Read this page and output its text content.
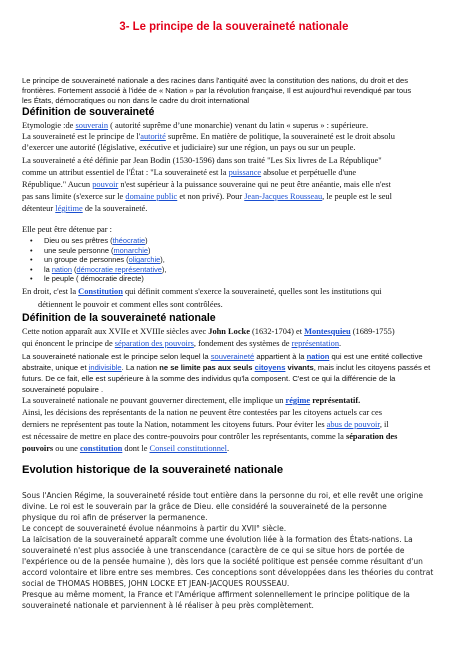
3- Le principe de la souveraineté nationale
Le principe de souveraineté nationale a des racines dans l'antiquité avec la constitution des nations, du droit et des
frontières. Fortement associé à l'idée de « Nation » par la révolution française, Il est aujourd'hui revendiqué par tous
les États, démocratiques ou non dans le cadre du droit international
Définition de souveraineté
Etymologie :de souverain ( autorité suprême d’une monarchie) venant du latin « superus » : supérieure.
La souveraineté est le principe de l'autorité suprême. En matière de politique, la souveraineté est le droit absolu
d’exercer une autorité (législative, exécutive et judiciaire) sur une région, un pays ou sur un peuple.
La souveraineté a été définie par Jean Bodin (1530-1596) dans son traité "Les Six livres de La République"
comme un attribut essentiel de l'État : "La souveraineté est la puissance absolue et perpétuelle d'une
République." Aucun pouvoir n'est supérieur à la puissance souveraine qui ne peut être anéantie, mais elle n'est
pas sans limite (s'exerce sur le domaine public et non privé). Pour Jean-Jacques Rousseau, le peuple est le seul
détenteur légitime de la souveraineté.
Elle peut être détenue par :
• Dieu ou ses prêtres (théocratie)
• une seule personne (monarchie)
• un groupe de personnes (oligarchie),
• la nation (démocratie représentative),
• le peuple ( démocratie directe)
En droit, c'est la Constitution qui définit comment s'exerce la souveraineté, quelles sont les institutions qui
détiennent le pouvoir et comment elles sont contrôlées.
Définition de la souveraineté nationale
Cette notion apparaît aux XVIIe et XVIIIe siècles avec John Locke (1632-1704) et Montesquieu (1689-1755)
qui énoncent le principe de séparation des pouvoirs, fondement des systèmes de représentation.
La souveraineté nationale est le principe selon lequel la souveraineté appartient à la nation qui est une entité collective
abstraite, unique et indivisible. La nation ne se limite pas aux seuls citoyens vivants, mais inclut les citoyens passés et
futurs. De ce fait, elle est supérieure à la somme des individus qu'la composent. C'est ce qui la différencie de la
souveraineté populaire .
La souveraineté nationale ne pouvant gouverner directement, elle implique un régime représentatif.
Ainsi, les décisions des représentants de la nation ne peuvent être contestées par les citoyens actuels car ces
derniers ne représentent pas toute la Nation, notamment les citoyens futurs. Pour éviter les abus de pouvoir, il
est nécessaire de mettre en place des contre-pouvoirs pour contrôler les représentants, comme la séparation des
pouvoirs ou une constitution dont le Conseil constitutionnel.
Evolution historique de la souveraineté nationale
Sous l'Ancien Régime, la souveraineté réside tout entière dans la personne du roi, et elle revêt une origine
divine. Le roi est le souverain par la grâce de Dieu. elle considéré la souveraineté de la personne
physique du roi afin de préserver la permanence.
Le concept de souveraineté évolue néanmoins à partir du XVII° siècle.
La laïcisation de la souveraineté apparaît comme une évolution liée à la formation des États-nations. La
souveraineté n'est plus associée à une transcendance (caractère de ce qui se situe hors de portée de
l'expérience ou de la pensée humaine ), dès lors que la société politique est pensée comme résultant d'un
accord volontaire et libre entre ses membres. Ces conceptions sont développées dans les théories du contrat
social de THOMAS HOBBES, JOHN LOCKE ET JEAN-JACQUES ROUSSEAU.
Presque au même moment, la France et l'Amérique affirment solennellement le principe politique de la
souveraineté nationale et parviennent à lé réaliser à peu près complètement.
